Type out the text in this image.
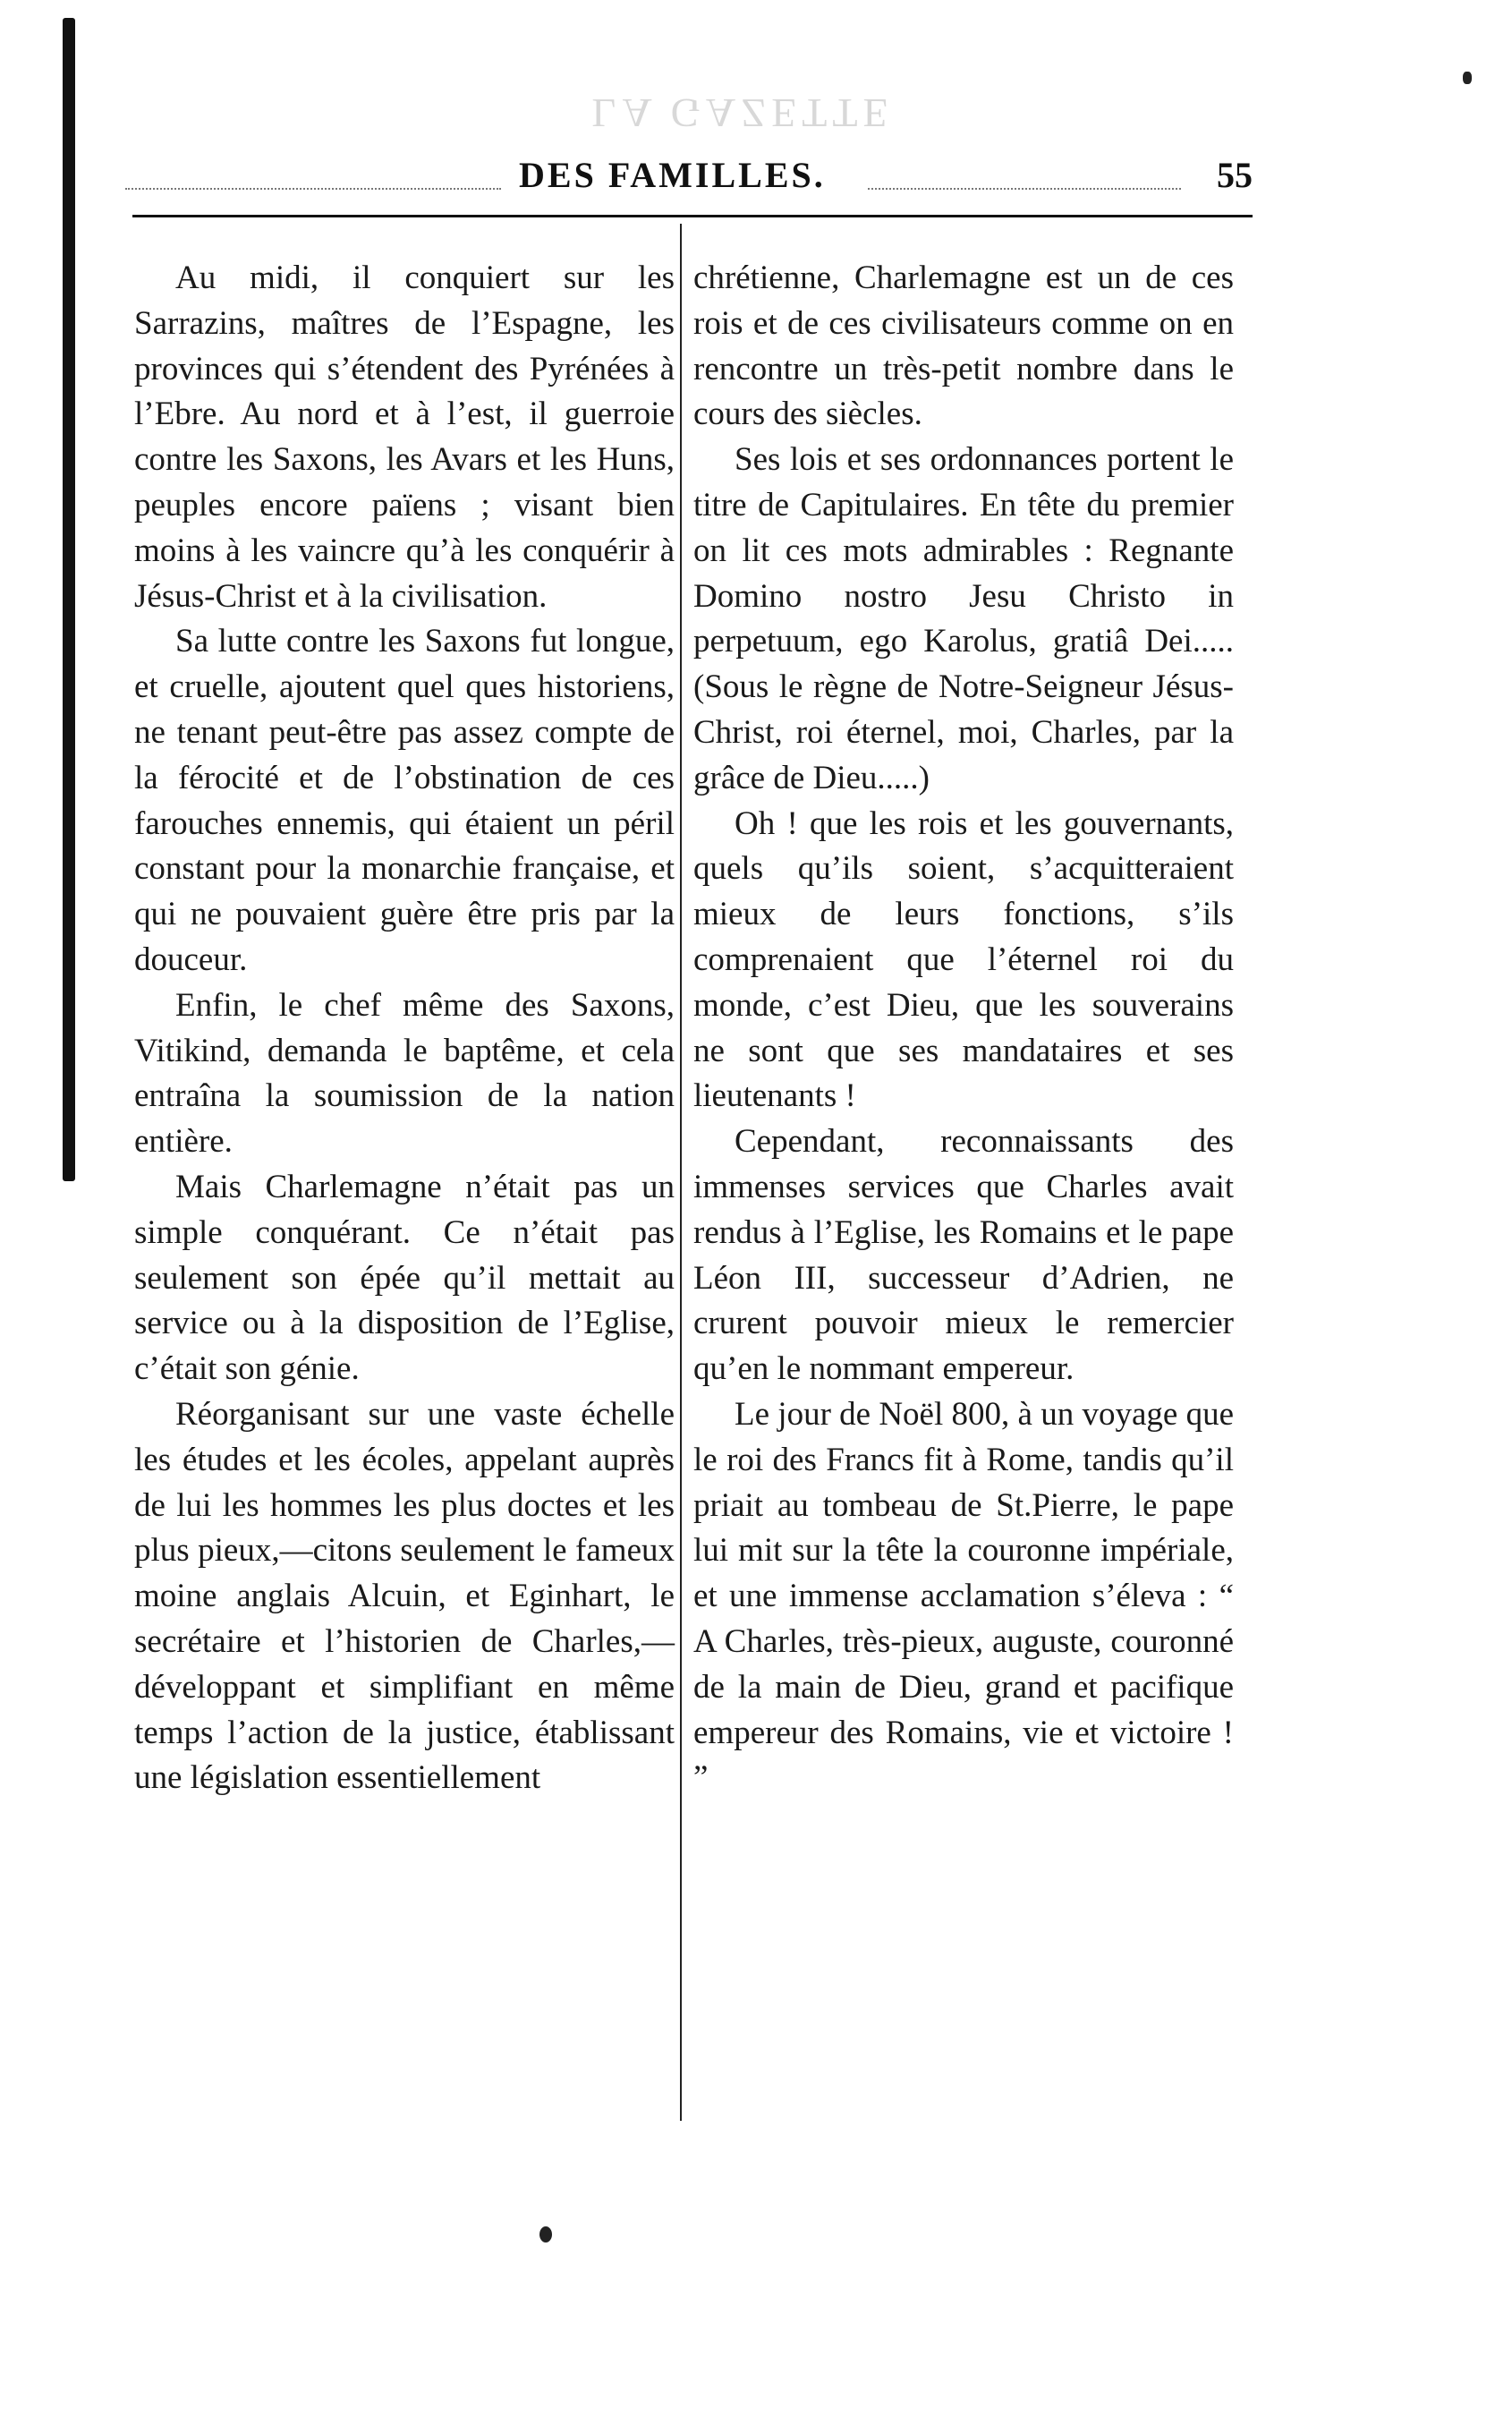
LA GAZETTE
DES FAMILLES.	55

Au midi, il conquiert sur les Sarrazins, maîtres de l’Espagne, les provinces qui s’étendent des Pyrénées à l’Ebre. Au nord et à l’est, il guerroie contre les Saxons, les Avars et les Huns, peuples encore païens ; visant bien moins à les vaincre qu’à les conquérir à Jésus-Christ et à la civilisation.

Sa lutte contre les Saxons fut longue, et cruelle, ajoutent quel ques historiens, ne tenant peut-être pas assez compte de la férocité et de l’obstination de ces farouches ennemis, qui étaient un péril constant pour la monarchie française, et qui ne pouvaient guère être pris par la douceur.

Enfin, le chef même des Saxons, Vitikind, demanda le baptême, et cela entraîna la soumission de la nation entière.

Mais Charlemagne n’était pas un simple conquérant. Ce n’était pas seulement son épée qu’il mettait au service ou à la disposition de l’Eglise, c’était son génie.

Réorganisant sur une vaste échelle les études et les écoles, appelant auprès de lui les hommes les plus doctes et les plus pieux,—citons seulement le fameux moine anglais Alcuin, et Eginhart, le secrétaire et l’historien de Charles,—développant et simplifiant en même temps l’action de la justice, établissant une législation essentiellement

chrétienne, Charlemagne est un de ces rois et de ces civilisateurs comme on en rencontre un très-petit nombre dans le cours des siècles.

Ses lois et ses ordonnances portent le titre de Capitulaires. En tête du premier on lit ces mots admirables : Regnante Domino nostro Jesu Christo in perpetuum, ego Karolus, gratiâ Dei..... (Sous le règne de Notre-Seigneur Jésus-Christ, roi éternel, moi, Charles, par la grâce de Dieu.....)

Oh ! que les rois et les gouvernants, quels qu’ils soient, s’acquitteraient mieux de leurs fonctions, s’ils comprenaient que l’éternel roi du monde, c’est Dieu, que les souverains ne sont que ses mandataires et ses lieutenants !

Cependant, reconnaissants des immenses services que Charles avait rendus à l’Eglise, les Romains et le pape Léon III, successeur d’Adrien, ne crurent pouvoir mieux le remercier qu’en le nommant empereur.

Le jour de Noël 800, à un voyage que le roi des Francs fit à Rome, tandis qu’il priait au tombeau de St.Pierre, le pape lui mit sur la tête la couronne impériale, et une immense acclamation s’éleva : “ A Charles, très-pieux, auguste, couronné de la main de Dieu, grand et pacifique empereur des Romains, vie et victoire ! ”
